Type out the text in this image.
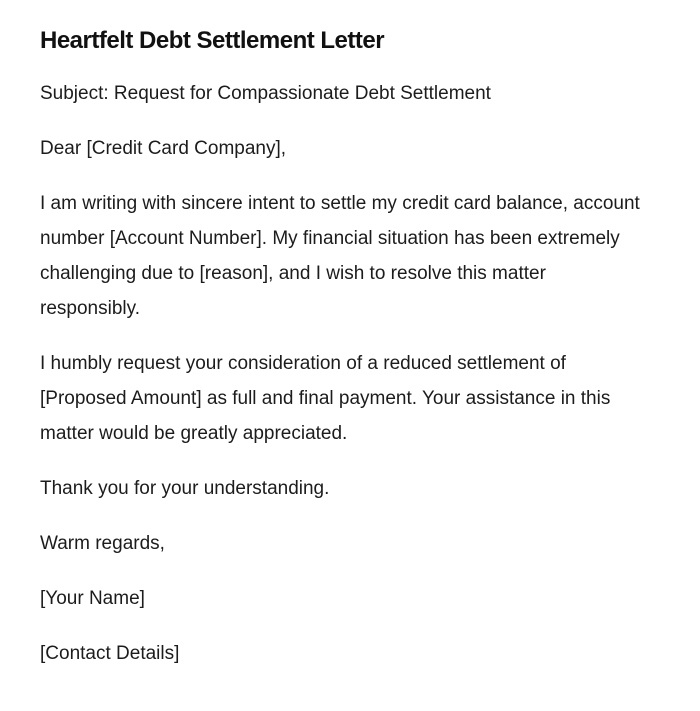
Heartfelt Debt Settlement Letter

Subject: Request for Compassionate Debt Settlement

Dear [Credit Card Company],

I am writing with sincere intent to settle my credit card balance, account number [Account Number]. My financial situation has been extremely challenging due to [reason], and I wish to resolve this matter responsibly.

I humbly request your consideration of a reduced settlement of [Proposed Amount] as full and final payment. Your assistance in this matter would be greatly appreciated.

Thank you for your understanding.

Warm regards,

[Your Name]

[Contact Details]
